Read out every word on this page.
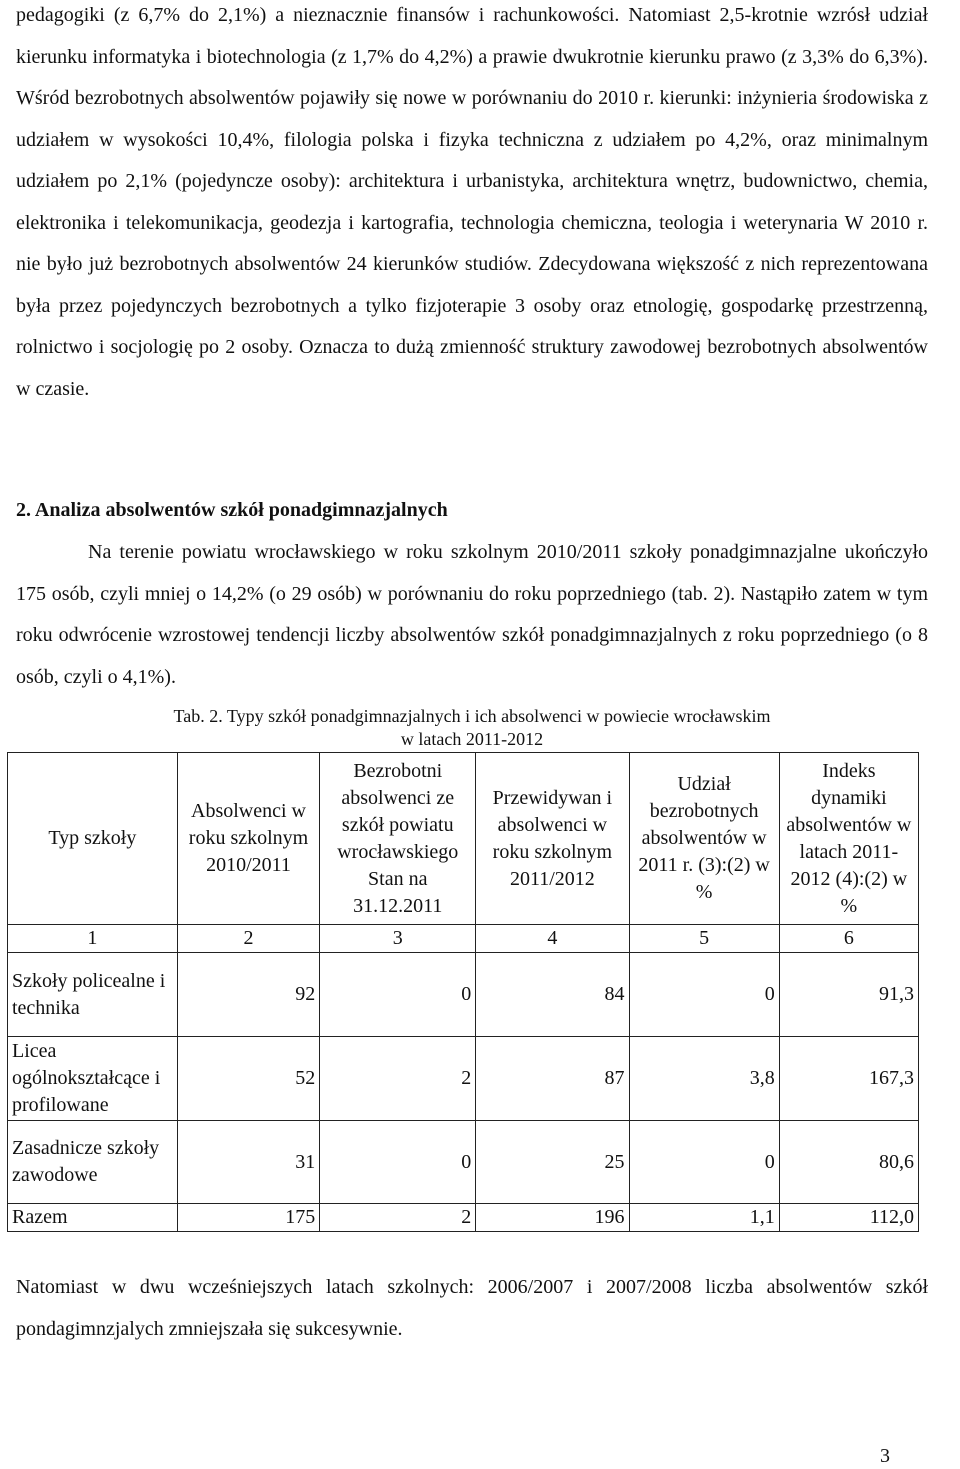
pedagogiki (z 6,7% do 2,1%) a nieznacznie finansów i rachunkowości. Natomiast 2,5-krotnie wzrósł udział kierunku informatyka i biotechnologia (z 1,7% do 4,2%) a prawie dwukrotnie kierunku prawo (z 3,3% do 6,3%). Wśród bezrobotnych absolwentów pojawiły się nowe w porównaniu do 2010 r. kierunki: inżynieria środowiska z udziałem w wysokości 10,4%, filologia polska i fizyka techniczna z udziałem po 4,2%, oraz minimalnym udziałem po 2,1% (pojedyncze osoby): architektura i urbanistyka, architektura wnętrz, budownictwo, chemia, elektronika i telekomunikacja, geodezja i kartografia, technologia chemiczna, teologia i weterynaria W 2010 r. nie było już bezrobotnych absolwentów 24 kierunków studiów. Zdecydowana większość z nich reprezentowana była przez pojedynczych bezrobotnych a tylko fizjoterapie 3 osoby oraz etnologię, gospodarkę przestrzenną, rolnictwo i socjologię po 2 osoby. Oznacza to dużą zmienność struktury zawodowej bezrobotnych absolwentów w czasie.

2. Analiza absolwentów szkół ponadgimnazjalnych

Na terenie powiatu wrocławskiego w roku szkolnym 2010/2011 szkoły ponadgimnazjalne ukończyło 175 osób, czyli mniej o 14,2% (o 29 osób) w porównaniu do roku poprzedniego (tab. 2). Nastąpiło zatem w tym roku odwrócenie wzrostowej tendencji liczby absolwentów szkół ponadgimnazjalnych z roku poprzedniego (o 8 osób, czyli o 4,1%).

Tab. 2. Typy szkół ponadgimnazjalnych i ich absolwenci w powiecie wrocławskim

w latach 2011-2012

Typ szkoły	Absolwenci w roku szkolnym 2010/2011	Bezrobotni absolwenci ze szkół powiatu wrocławskiego Stan na 31.12.2011	Przewidywan i absolwenci w roku szkolnym 2011/2012	Udział bezrobotnych absolwentów w 2011 r. (3):(2) w %	Indeks dynamiki absolwentów w latach 2011-2012 (4):(2) w %
1	2	3	4	5	6
Szkoły policealne i technika	92	0	84	0	91,3
Licea ogólnokształcące i profilowane	52	2	87	3,8	167,3
Zasadnicze szkoły zawodowe	31	0	25	0	80,6
Razem	175	2	196	1,1	112,0

Natomiast w dwu wcześniejszych latach szkolnych: 2006/2007 i 2007/2008 liczba absolwentów szkół pondagimnzjalych zmniejszała się sukcesywnie.

3
